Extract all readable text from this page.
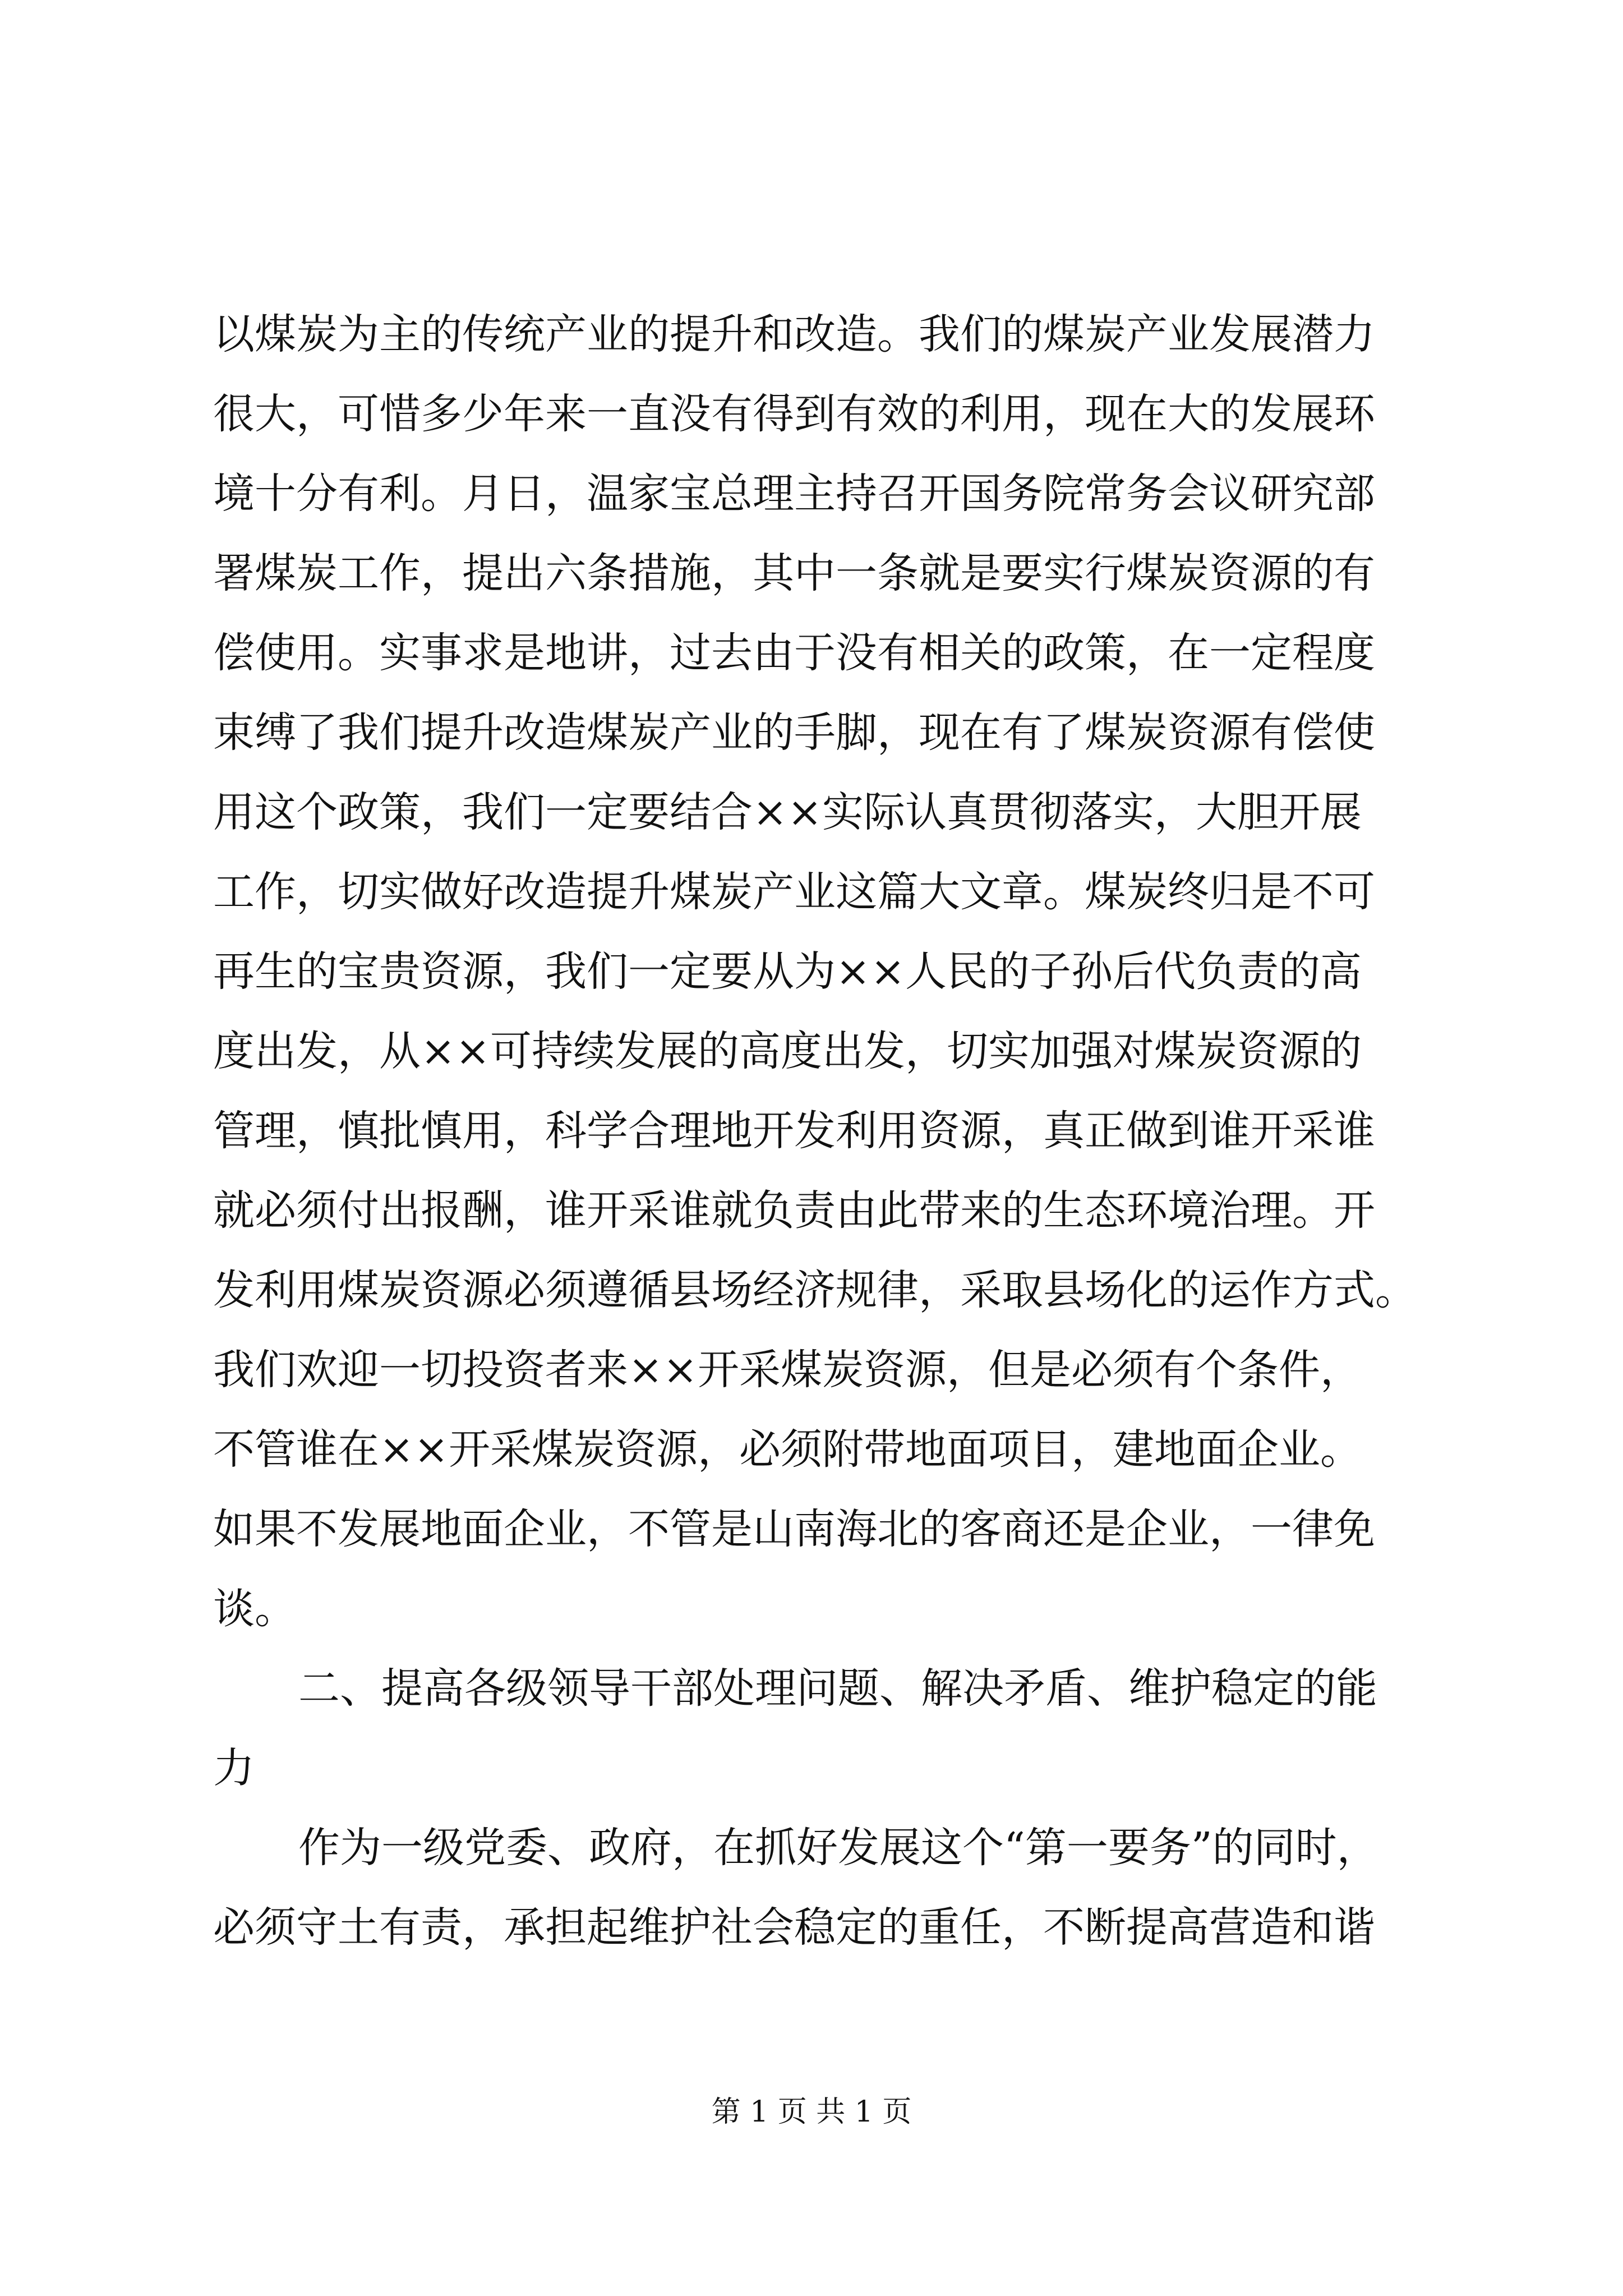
以煤炭为主的传统产业的提升和改造。我们的煤炭产业发展潜力
很大，可惜多少年来一直没有得到有效的利用，现在大的发展环
境十分有利。月日，温家宝总理主持召开国务院常务会议研究部
署煤炭工作，提出六条措施，其中一条就是要实行煤炭资源的有
偿使用。实事求是地讲，过去由于没有相关的政策，在一定程度
束缚了我们提升改造煤炭产业的手脚，现在有了煤炭资源有偿使
用这个政策，我们一定要结合××实际认真贯彻落实，大胆开展
工作，切实做好改造提升煤炭产业这篇大文章。煤炭终归是不可
再生的宝贵资源，我们一定要从为××人民的子孙后代负责的高
度出发，从××可持续发展的高度出发，切实加强对煤炭资源的
管理，慎批慎用，科学合理地开发利用资源，真正做到谁开采谁
就必须付出报酬，谁开采谁就负责由此带来的生态环境治理。开
发利用煤炭资源必须遵循县场经济规律，采取县场化的运作方式。
我们欢迎一切投资者来××开采煤炭资源，但是必须有个条件，
不管谁在××开采煤炭资源，必须附带地面项目，建地面企业。
如果不发展地面企业，不管是山南海北的客商还是企业，一律免
谈。
二、提高各级领导干部处理问题、解决矛盾、维护稳定的能
力
作为一级党委、政府，在抓好发展这个“第一要务”的同时，
必须守土有责，承担起维护社会稳定的重任，不断提高营造和谐
第 1 页 共 1 页
